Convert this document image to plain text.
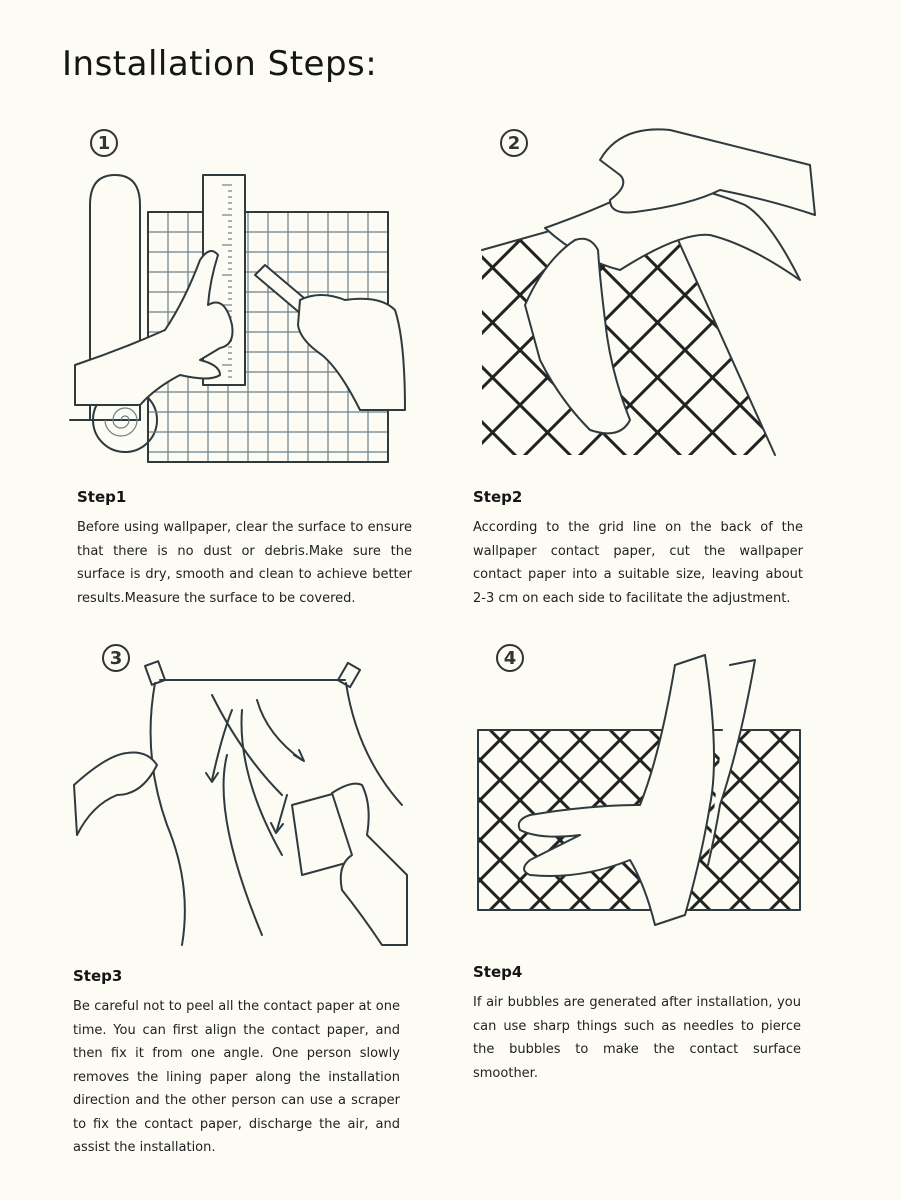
Installation Steps:
1	2
Step1
Before using wallpaper, clear the surface to ensure that there is no dust or debris.Make sure the surface is dry, smooth and clean to achieve better results.Measure the surface to be covered.
Step2
According to the grid line on the back of the wallpaper contact paper, cut the wallpaper contact paper into a suitable size, leaving about 2-3 cm on each side to facilitate the adjustment.
3	4
Step3
Be careful not to peel all the contact paper at one time. You can first align the contact paper, and then fix it from one angle. One person slowly removes the lining paper along the installation direction and the other person can use a scraper to fix the contact paper, discharge the air, and assist the installation.
Step4
If air bubbles are generated after installation, you can use sharp things such as needles to pierce the bubbles to make the contact surface smoother.
